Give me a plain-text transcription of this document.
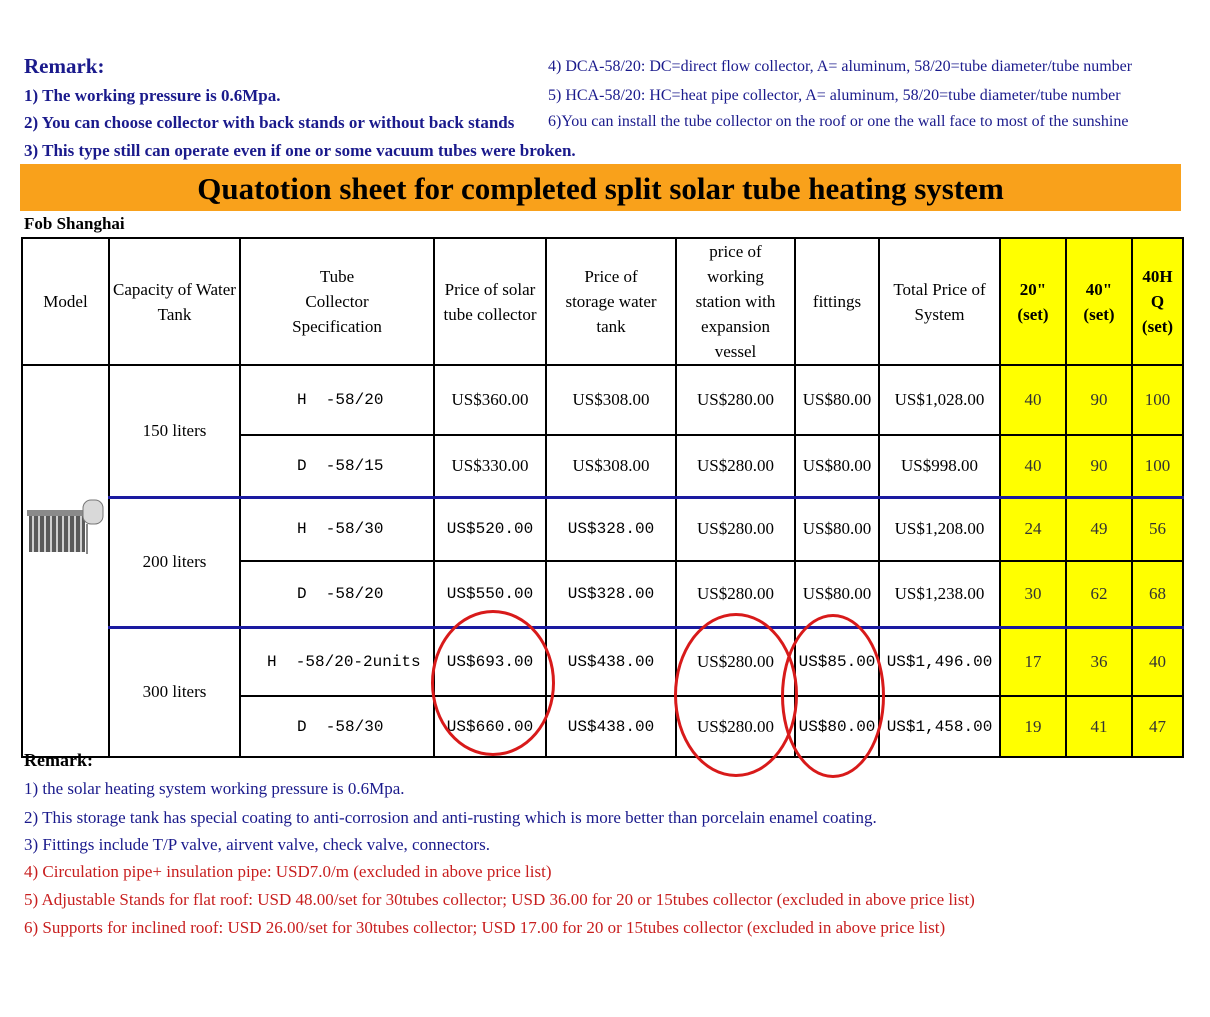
Remark:
1) The working pressure is 0.6Mpa.
2) You can choose collector with back stands or without back stands
3) This type still can operate even if one or some vacuum tubes were broken.
4) DCA-58/20: DC=direct flow collector, A= aluminum, 58/20=tube diameter/tube number
5) HCA-58/20: HC=heat pipe collector, A= aluminum, 58/20=tube diameter/tube number
6)You can install the tube collector on the roof or one the wall face to most of the sunshine
Quatotion sheet for completed split solar tube heating system
Fob Shanghai
Model	Capacity of Water Tank	Tube Collector Specification	Price of solar tube collector	Price of storage water tank	price of working station with expansion vessel	fittings	Total Price of System	20" (set)	40" (set)	40H Q (set)

	150 liters	H  -58/20	US$360.00	US$308.00	US$280.00	US$80.00	US$1,028.00	40	90	100
		D  -58/15	US$330.00	US$308.00	US$280.00	US$80.00	US$998.00	40	90	100
	200 liters	H  -58/30	US$520.00	US$328.00	US$280.00	US$80.00	US$1,208.00	24	49	56
		D  -58/20	US$550.00	US$328.00	US$280.00	US$80.00	US$1,238.00	30	62	68
	300 liters	H  -58/20-2units	US$693.00	US$438.00	US$280.00	US$85.00	US$1,496.00	17	36	40
		D  -58/30	US$660.00	US$438.00	US$280.00	US$80.00	US$1,458.00	19	41	47
Remark:
1) the solar heating system working pressure is 0.6Mpa.
2) This storage tank has special coating to anti-corrosion and anti-rusting which is more better than porcelain enamel coating.
3) Fittings include T/P valve, airvent valve, check valve, connectors.
4) Circulation pipe+ insulation pipe: USD7.0/m (excluded in above price list)
5) Adjustable Stands for flat roof: USD 48.00/set for 30tubes collector; USD 36.00 for 20 or 15tubes collector (excluded in above price list)
6) Supports for inclined roof: USD 26.00/set for 30tubes collector; USD 17.00 for 20 or 15tubes collector (excluded in above price list)
